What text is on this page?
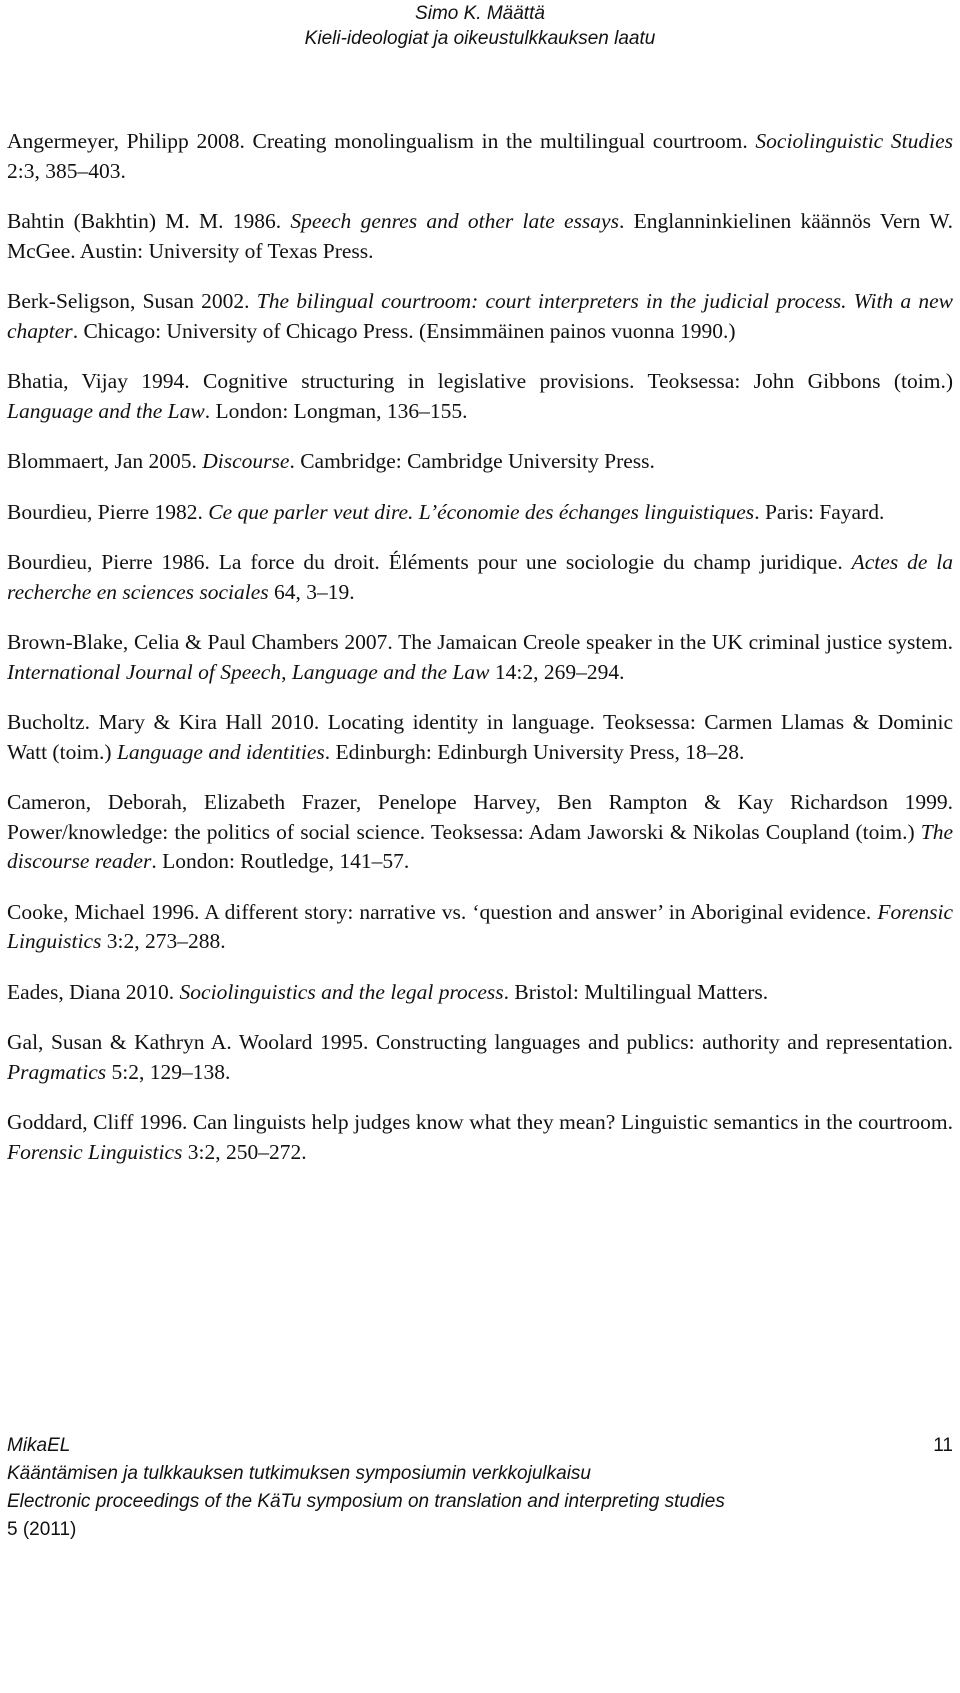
Simo K. Määttä
Kieli-ideologiat ja oikeustulkkauksen laatu

Angermeyer, Philipp 2008. Creating monolingualism in the multilingual courtroom. Sociolinguistic Studies 2:3, 385–403.

Bahtin (Bakhtin) M. M. 1986. Speech genres and other late essays. Englanninkielinen käännös Vern W. McGee. Austin: University of Texas Press.

Berk-Seligson, Susan 2002. The bilingual courtroom: court interpreters in the judicial process. With a new chapter. Chicago: University of Chicago Press. (Ensimmäinen painos vuonna 1990.)

Bhatia, Vijay 1994. Cognitive structuring in legislative provisions. Teoksessa: John Gibbons (toim.) Language and the Law. London: Longman, 136–155.

Blommaert, Jan 2005. Discourse. Cambridge: Cambridge University Press.

Bourdieu, Pierre 1982. Ce que parler veut dire. L’économie des échanges linguistiques. Paris: Fayard.

Bourdieu, Pierre 1986. La force du droit. Éléments pour une sociologie du champ juridique. Actes de la recherche en sciences sociales 64, 3–19.

Brown-Blake, Celia & Paul Chambers 2007. The Jamaican Creole speaker in the UK criminal justice system. International Journal of Speech, Language and the Law 14:2, 269–294.

Bucholtz. Mary & Kira Hall 2010. Locating identity in language. Teoksessa: Carmen Llamas & Dominic Watt (toim.) Language and identities. Edinburgh: Edinburgh University Press, 18–28.

Cameron, Deborah, Elizabeth Frazer, Penelope Harvey, Ben Rampton & Kay Richardson 1999. Power/knowledge: the politics of social science. Teoksessa: Adam Jaworski & Nikolas Coupland (toim.) The discourse reader. London: Routledge, 141–57.

Cooke, Michael 1996. A different story: narrative vs. ‘question and answer’ in Aboriginal evidence. Forensic Linguistics 3:2, 273–288.

Eades, Diana 2010. Sociolinguistics and the legal process. Bristol: Multilingual Matters.

Gal, Susan & Kathryn A. Woolard 1995. Constructing languages and publics: authority and representation. Pragmatics 5:2, 129–138.

Goddard, Cliff 1996. Can linguists help judges know what they mean? Linguistic semantics in the courtroom. Forensic Linguistics 3:2, 250–272.

MikaEL	11
Kääntämisen ja tulkkauksen tutkimuksen symposiumin verkkojulkaisu
Electronic proceedings of the KäTu symposium on translation and interpreting studies
5 (2011)
